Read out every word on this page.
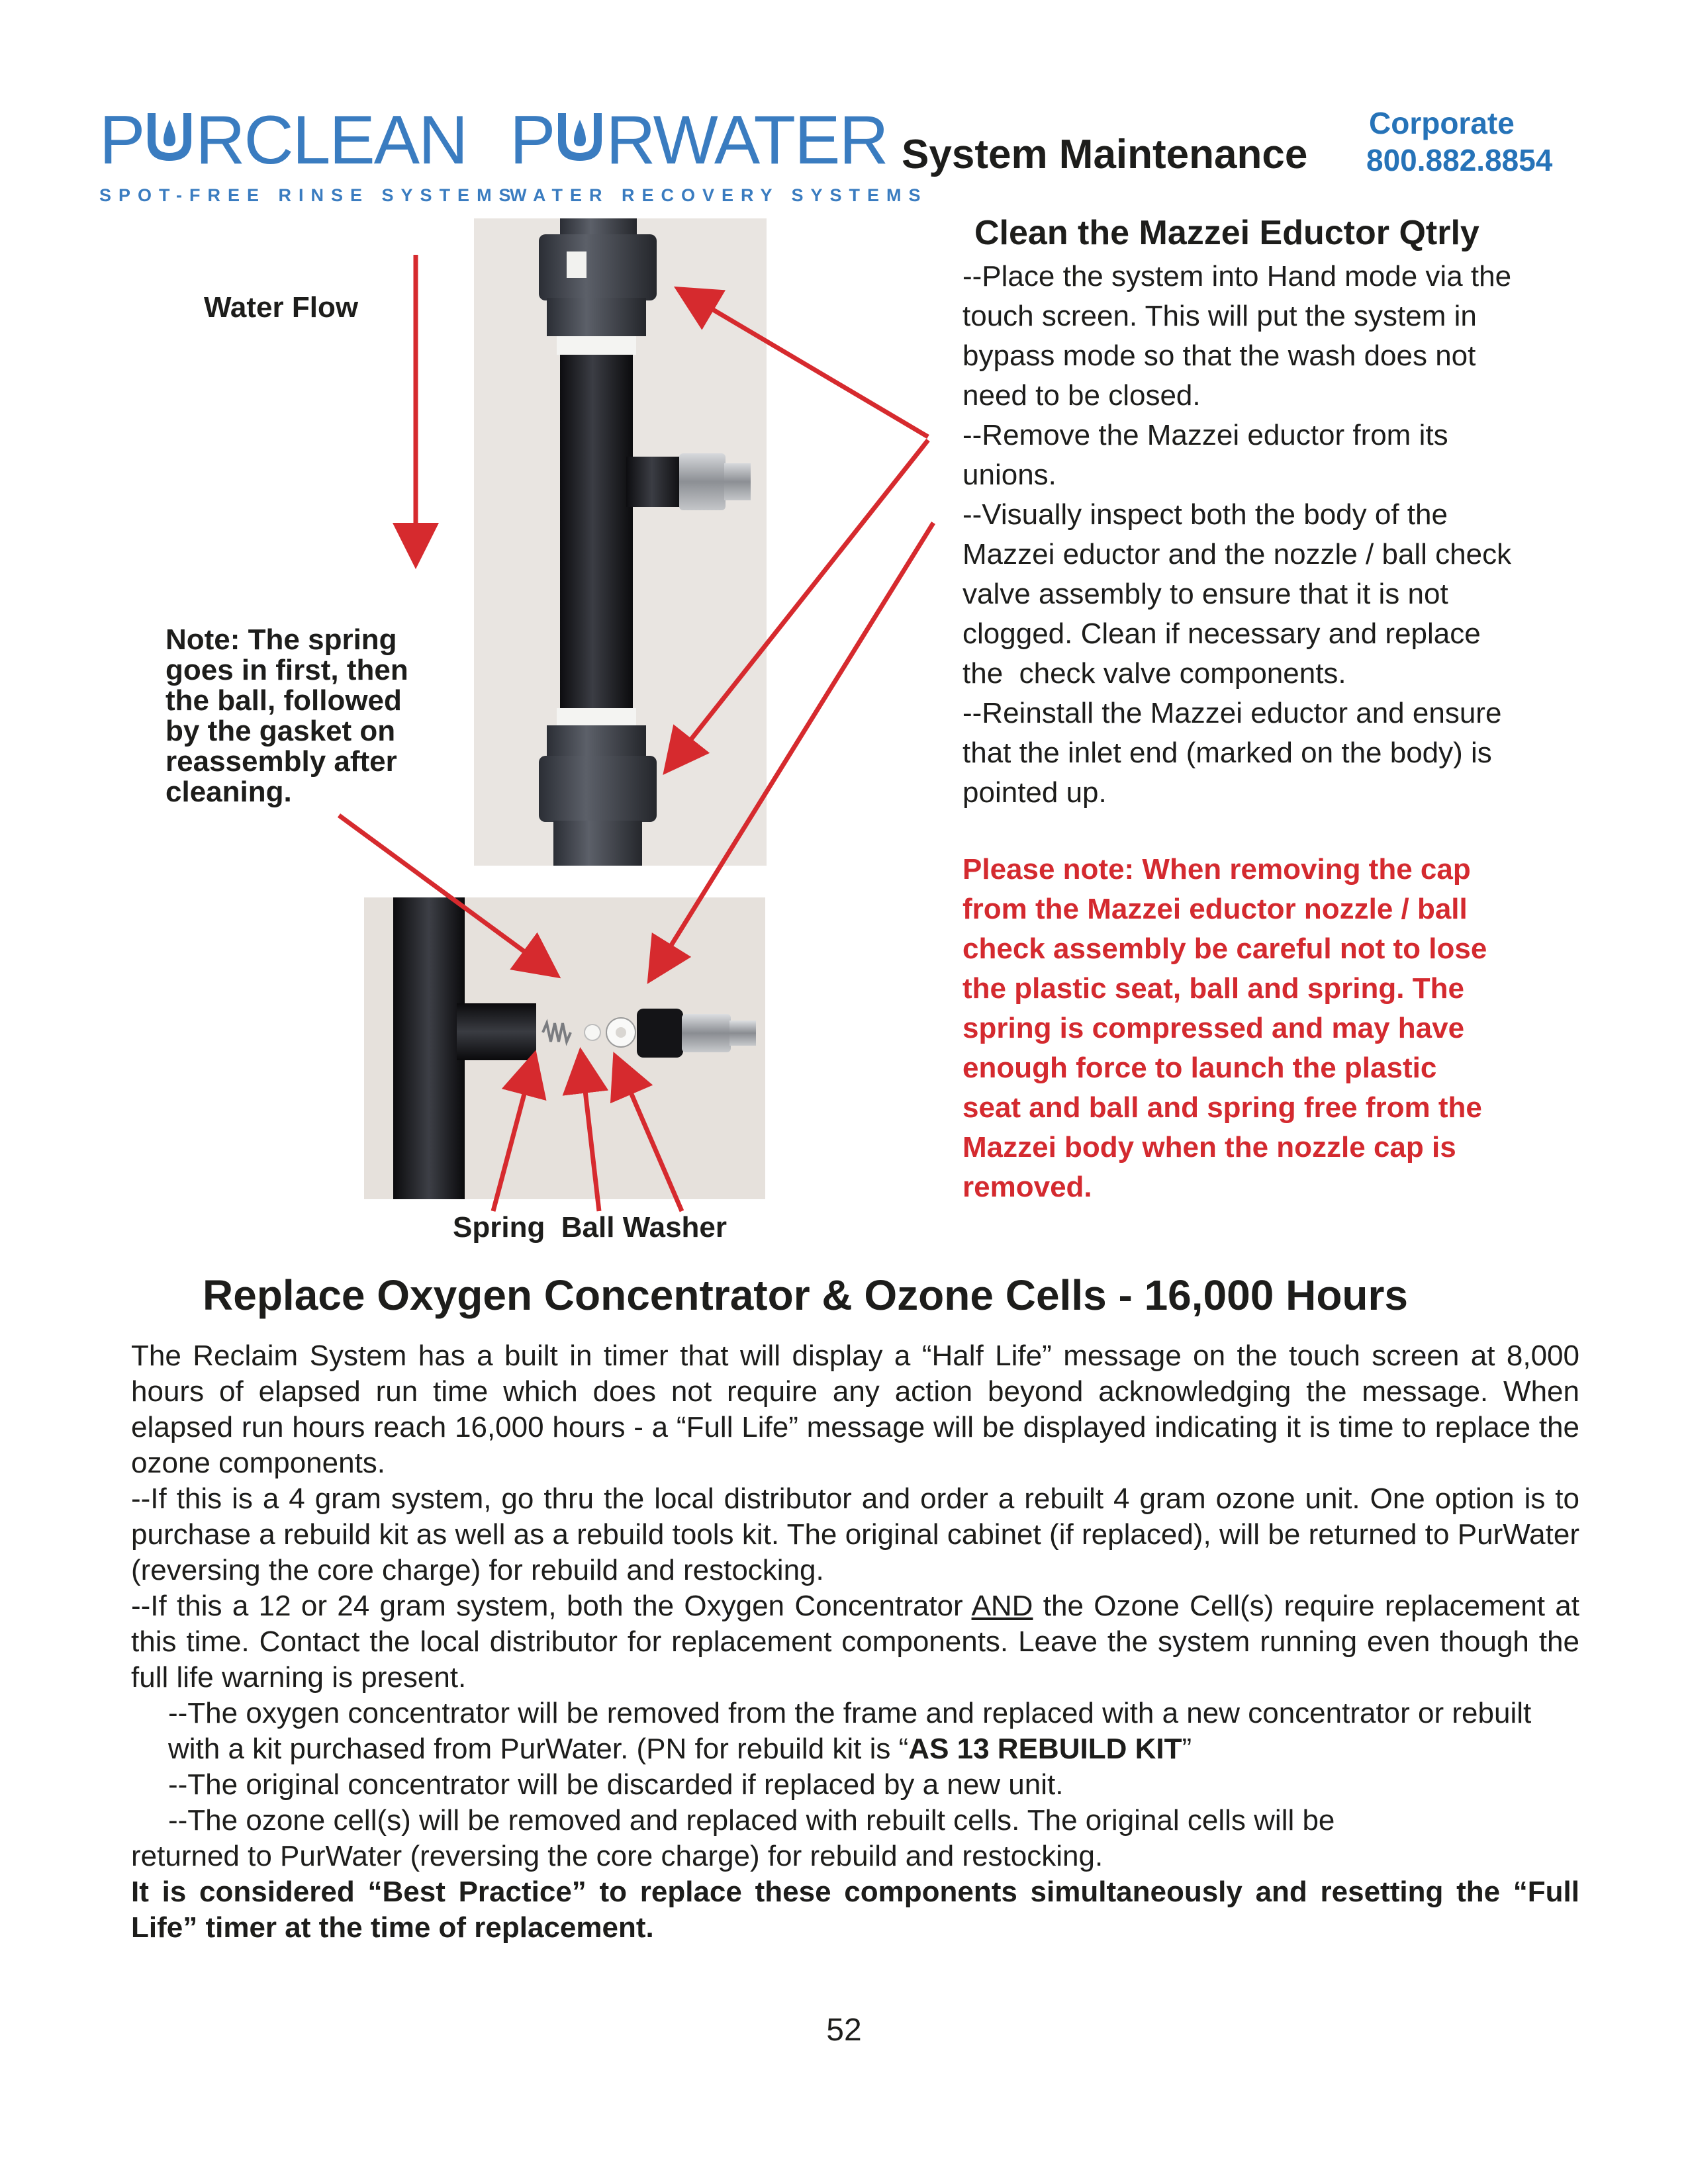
P RCLEAN
SPOT-FREE RINSE SYSTEMS
P RWATER
WATER RECOVERY SYSTEMS
System Maintenance
Corporate
800.882.8854
Water Flow
Note: The spring
goes in first, then
the ball, followed
by the gasket on
reassembly after
cleaning.
Spring  Ball Washer
Clean the Mazzei Eductor Qtrly
--Place the system into Hand mode via the
touch screen. This will put the system in
bypass mode so that the wash does not
need to be closed.
--Remove the Mazzei eductor from its
unions.
--Visually inspect both the body of the
Mazzei eductor and the nozzle / ball check
valve assembly to ensure that it is not
clogged. Clean if necessary and replace
the  check valve components.
--Reinstall the Mazzei eductor and ensure
that the inlet end (marked on the body) is
pointed up.
Please note: When removing the cap
from the Mazzei eductor nozzle / ball
check assembly be careful not to lose
the plastic seat, ball and spring. The
spring is compressed and may have
enough force to launch the plastic
seat and ball and spring free from the
Mazzei body when the nozzle cap is
removed.
Replace Oxygen Concentrator & Ozone Cells - 16,000 Hours

The Reclaim System has a built in timer that will display a “Half Life” message on the touch screen at 8,000 hours of elapsed run time which does not require any action beyond acknowledging the message. When elapsed run hours reach 16,000 hours - a “Full Life” message will be displayed indicating it is time to replace the ozone components.

--If this is a 4 gram system, go thru the local distributor and order a rebuilt 4 gram ozone unit. One option is to purchase a rebuild kit as well as a rebuild tools kit. The original cabinet (if replaced), will be returned to PurWater (reversing the core charge) for rebuild and restocking.

--If this a 12 or 24 gram system, both the Oxygen Concentrator AND the Ozone Cell(s) require replacement at this time. Contact the local distributor for replacement components. Leave the system running even though the full life warning is present.

--The oxygen concentrator will be removed from the frame and replaced with a new concentrator or rebuilt with a kit purchased from PurWater. (PN for rebuild kit is “AS 13 REBUILD KIT”

--The original concentrator will be discarded if replaced by a new unit.

--The ozone cell(s) will be removed and replaced with rebuilt cells. The original cells will be

returned to PurWater (reversing the core charge) for rebuild and restocking.

It is considered “Best Practice” to replace these components simultaneously and resetting the “Full Life” timer at the time of replacement.

52
